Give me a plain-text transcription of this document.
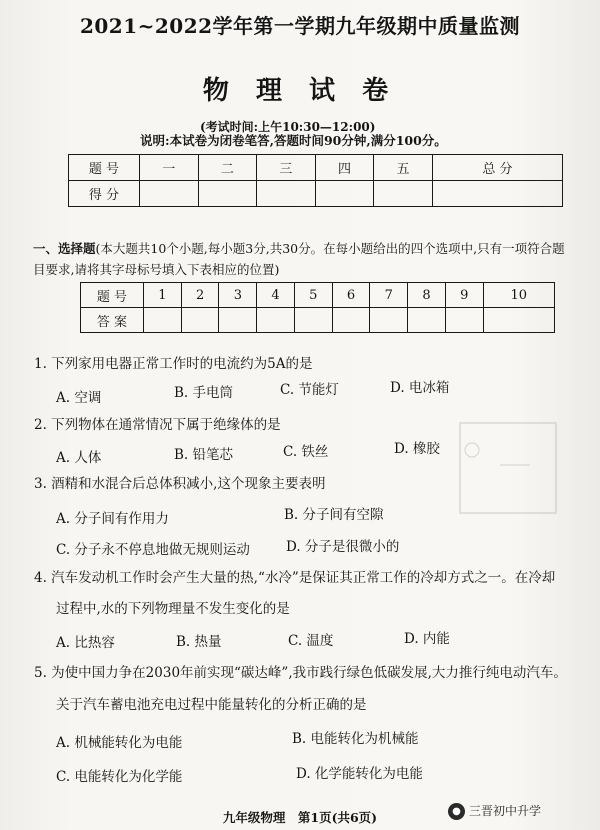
2021~2022学年第一学期九年级期中质量监测
物 理 试 卷
(考试时间:上午10:30—12:00)
说明:本试卷为闭卷笔答,答题时间90分钟,满分100分。
题 号	一	二	三	四	五	总 分
得 分						
一、选择题(本大题共10个小题,每小题3分,共30分。在每小题给出的四个选项中,只有一项符合题目要求,请将其字母标号填入下表相应的位置)
题 号	1	2	3	4	5	6	7	8	9	10
答 案										
1. 下列家用电器正常工作时的电流约为5A的是
A. 空调	B. 手电筒	C. 节能灯	D. 电冰箱
2. 下列物体在通常情况下属于绝缘体的是
A. 人体	B. 铅笔芯	C. 铁丝	D. 橡胶
3. 酒精和水混合后总体积减小,这个现象主要表明
A. 分子间有作用力	B. 分子间有空隙
C. 分子永不停息地做无规则运动	D. 分子是很微小的
4. 汽车发动机工作时会产生大量的热,“水冷”是保证其正常工作的冷却方式之一。在冷却
过程中,水的下列物理量不发生变化的是
A. 比热容	B. 热量	C. 温度	D. 内能
5. 为使中国力争在2030年前实现“碳达峰”,我市践行绿色低碳发展,大力推行纯电动汽车。
关于汽车蓄电池充电过程中能量转化的分析正确的是
A. 机械能转化为电能	B. 电能转化为机械能
C. 电能转化为化学能	D. 化学能转化为电能
九年级物理　第1页(共6页)	● 三晋初中升学
